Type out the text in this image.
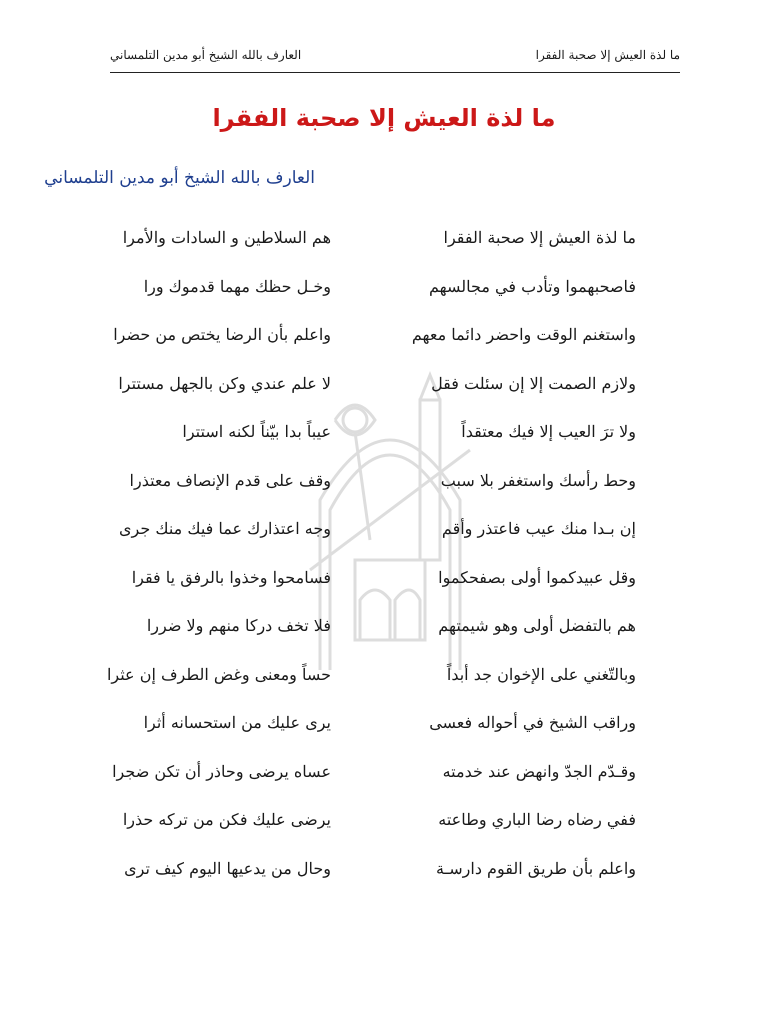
العارف بالله الشيخ أبو مدين التلمساني	ما لذة العيش إلا صحبة الفقرا
ما لذة العيش إلا صحبة الفقرا
العارف بالله الشيخ أبو مدين التلمساني
ما لذة العيش إلا صحبة الفقرا
هم السلاطين و السادات والأمرا
فاصحبهموا وتأدب في مجالسهم
وخـل حظك مهما قدموك ورا
واستغنم الوقت واحضر دائما معهم
واعلم بأن الرضا يختص من حضرا
ولازم الصمت إلا إن سئلت فقل
لا علم عندي وكن بالجهل مستترا
ولا ترَ العيب إلا فيك معتقداً
عيباً بدا بيّناً لكنه استترا
وحط رأسك واستغفر بلا سبب
وقف على قدم الإنصاف معتذرا
إن بـدا منك عيب فاعتذر وأقم
وجه اعتذارك عما فيك منك جرى
وقل عبيدكموا أولى بصفحكموا
فسامحوا وخذوا بالرفق يا فقرا
هم بالتفضل أولى وهو شيمتهم
فلا تخف دركا منهم ولا ضررا
وبالتّغني على الإخوان جد أبداً
حساً ومعنى وغض الطرف إن عثرا
وراقب الشيخ في أحواله فعسى
يرى عليك من استحسانه أثرا
وقـدّم الجدّ وانهض عند خدمته
عساه يرضى وحاذر أن تكن ضجرا
ففي رضاه رضا الباري وطاعته
يرضى عليك فكن من تركه حذرا
واعلم بأن طريق القوم دارسـة
وحال من يدعيها اليوم كيف ترى
